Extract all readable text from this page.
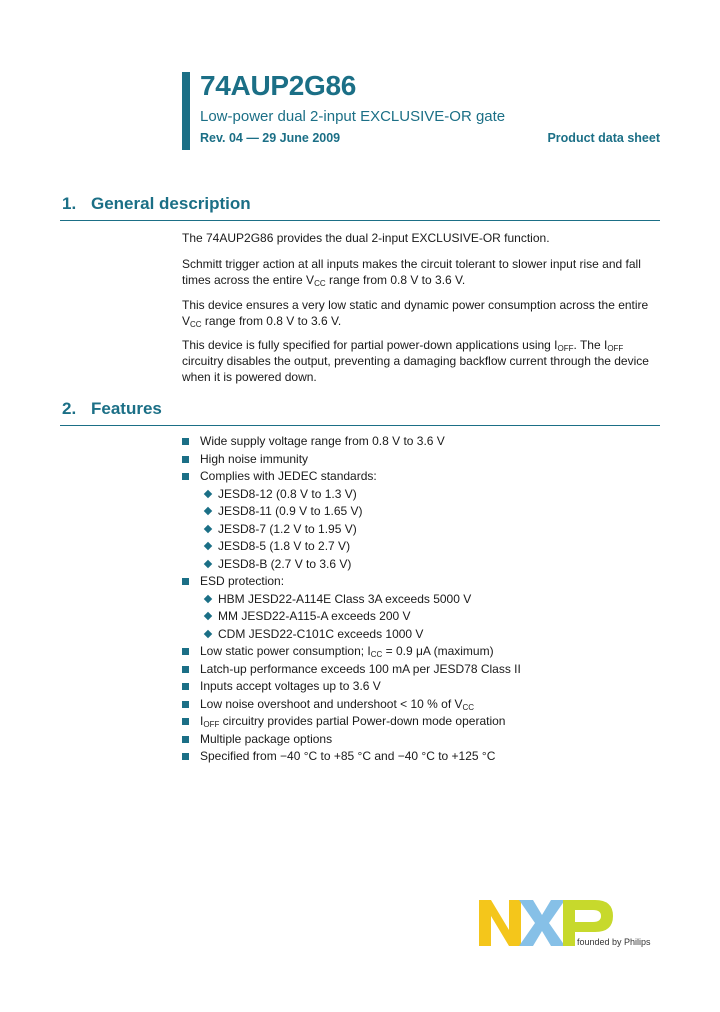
74AUP2G86
Low-power dual 2-input EXCLUSIVE-OR gate
Rev. 04 — 29 June 2009	Product data sheet
1. General description
The 74AUP2G86 provides the dual 2-input EXCLUSIVE-OR function.
Schmitt trigger action at all inputs makes the circuit tolerant to slower input rise and fall times across the entire $V_{CC}$ range from 0.8 V to 3.6 V.
This device ensures a very low static and dynamic power consumption across the entire $V_{CC}$ range from 0.8 V to 3.6 V.
This device is fully specified for partial power-down applications using $I_{OFF}$. The $I_{OFF}$ circuitry disables the output, preventing a damaging backflow current through the device when it is powered down.
2. Features
Wide supply voltage range from 0.8 V to 3.6 V
High noise immunity
Complies with JEDEC standards:
JESD8-12 (0.8 V to 1.3 V)
JESD8-11 (0.9 V to 1.65 V)
JESD8-7 (1.2 V to 1.95 V)
JESD8-5 (1.8 V to 2.7 V)
JESD8-B (2.7 V to 3.6 V)
ESD protection:
HBM JESD22-A114E Class 3A exceeds 5000 V
MM JESD22-A115-A exceeds 200 V
CDM JESD22-C101C exceeds 1000 V
Low static power consumption; $I_{CC} = 0.9$ μA (maximum)
Latch-up performance exceeds 100 mA per JESD78 Class II
Inputs accept voltages up to 3.6 V
Low noise overshoot and undershoot < 10 % of $V_{CC}$
$I_{OFF}$ circuitry provides partial Power-down mode operation
Multiple package options
Specified from −40 °C to +85 °C and −40 °C to +125 °C
founded by Philips
